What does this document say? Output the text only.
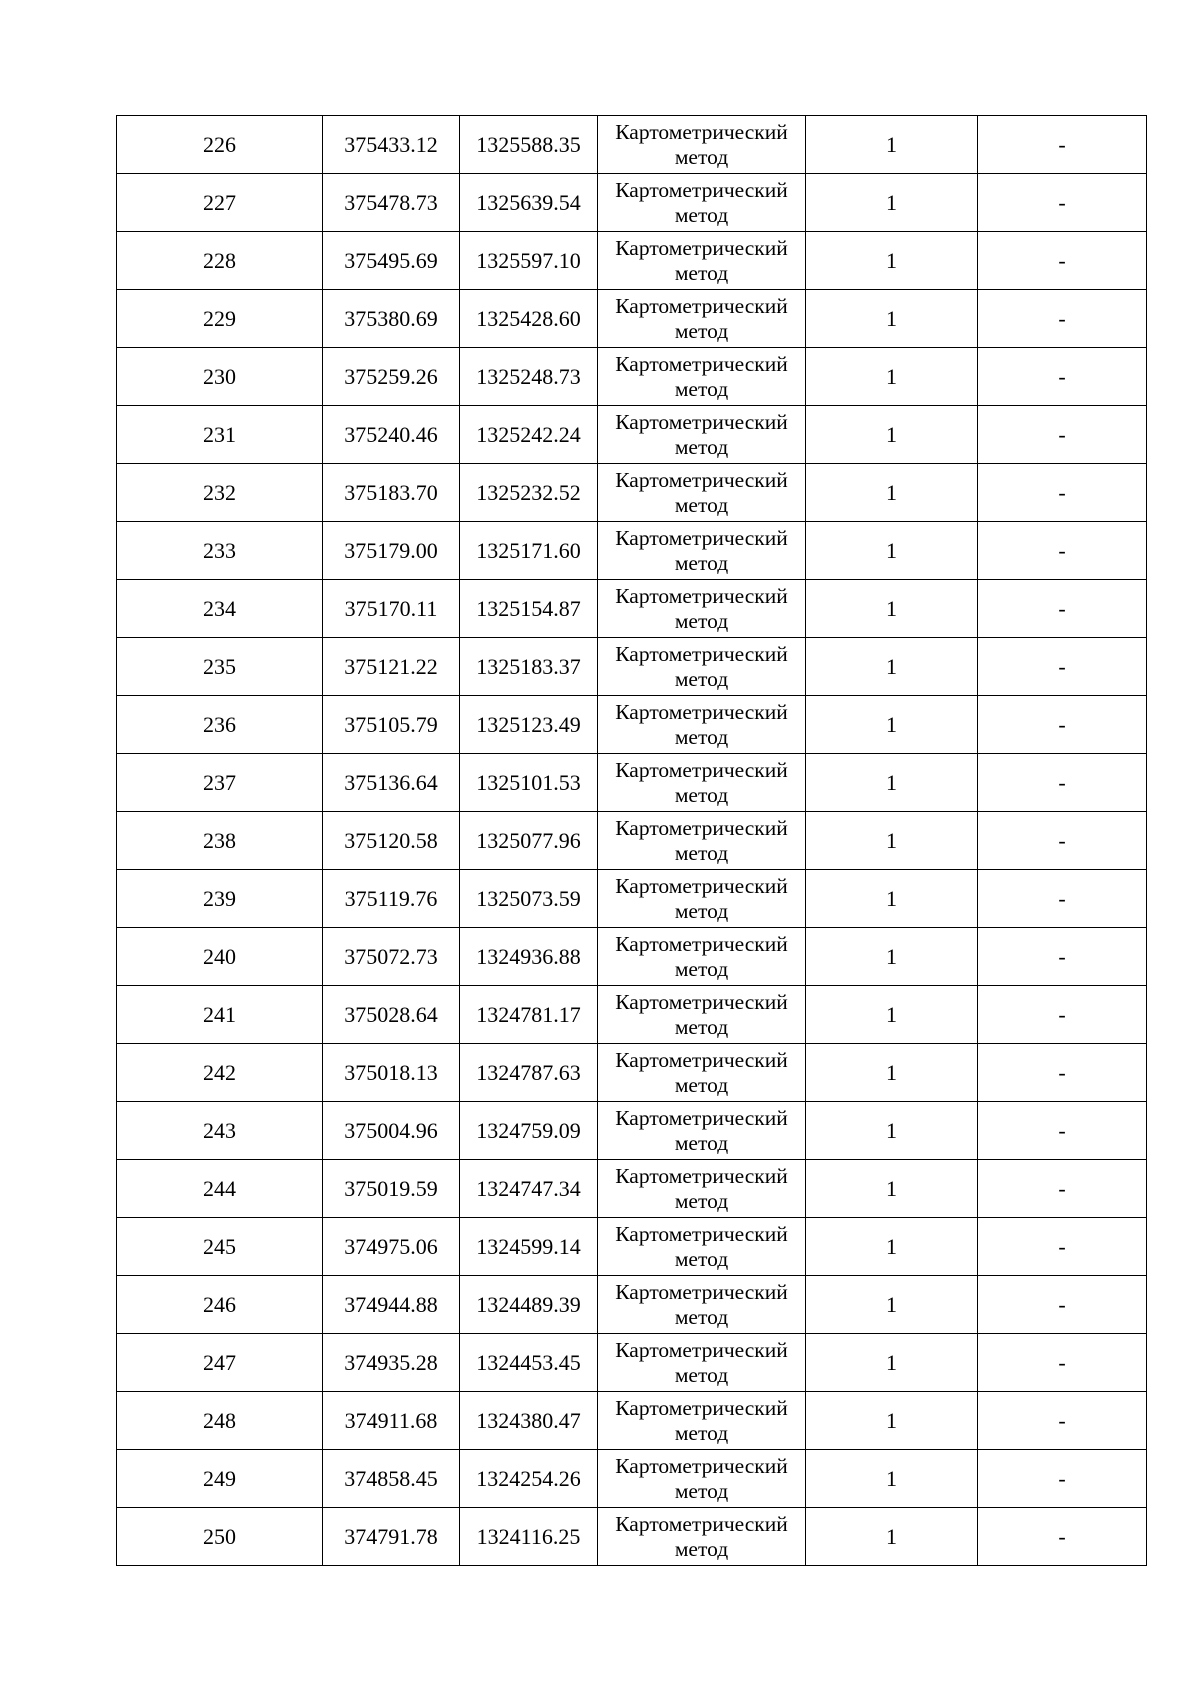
226	375433.12	1325588.35	Картометрический
метод	1	-
227	375478.73	1325639.54	Картометрический
метод	1	-
228	375495.69	1325597.10	Картометрический
метод	1	-
229	375380.69	1325428.60	Картометрический
метод	1	-
230	375259.26	1325248.73	Картометрический
метод	1	-
231	375240.46	1325242.24	Картометрический
метод	1	-
232	375183.70	1325232.52	Картометрический
метод	1	-
233	375179.00	1325171.60	Картометрический
метод	1	-
234	375170.11	1325154.87	Картометрический
метод	1	-
235	375121.22	1325183.37	Картометрический
метод	1	-
236	375105.79	1325123.49	Картометрический
метод	1	-
237	375136.64	1325101.53	Картометрический
метод	1	-
238	375120.58	1325077.96	Картометрический
метод	1	-
239	375119.76	1325073.59	Картометрический
метод	1	-
240	375072.73	1324936.88	Картометрический
метод	1	-
241	375028.64	1324781.17	Картометрический
метод	1	-
242	375018.13	1324787.63	Картометрический
метод	1	-
243	375004.96	1324759.09	Картометрический
метод	1	-
244	375019.59	1324747.34	Картометрический
метод	1	-
245	374975.06	1324599.14	Картометрический
метод	1	-
246	374944.88	1324489.39	Картометрический
метод	1	-
247	374935.28	1324453.45	Картометрический
метод	1	-
248	374911.68	1324380.47	Картометрический
метод	1	-
249	374858.45	1324254.26	Картометрический
метод	1	-
250	374791.78	1324116.25	Картометрический
метод	1	-
